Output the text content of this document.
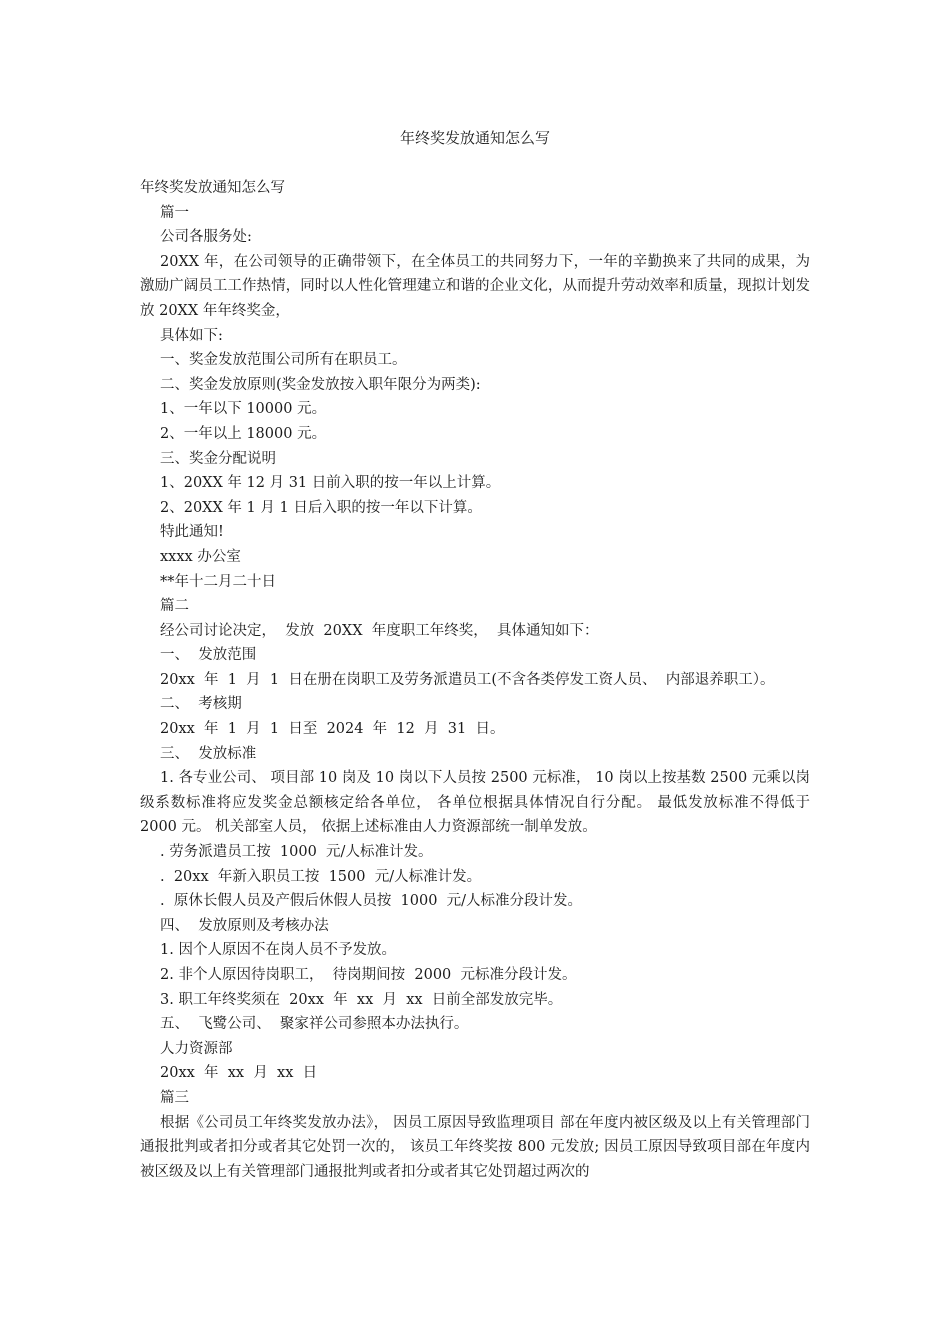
年终奖发放通知怎么写
年终奖发放通知怎么写
篇一
公司各服务处:
20XX 年，在公司领导的正确带领下，在全体员工的共同努力下，一年的辛勤换来了共同的成果，为激励广阔员工工作热情，同时以人性化管理建立和谐的企业文化，从而提升劳动效率和质量，现拟计划发放 20XX 年年终奖金，
具体如下:
一、奖金发放范围公司所有在职员工。
二、奖金发放原则(奖金发放按入职年限分为两类):
1、一年以下 10000 元。
2、一年以上 18000 元。
三、奖金分配说明
1、20XX 年 12 月 31 日前入职的按一年以上计算。
2、20XX 年 1 月 1 日后入职的按一年以下计算。
特此通知!
xxxx 办公室
**年十二月二十日
篇二
经公司讨论决定，  发放  20XX  年度职工年终奖，  具体通知如下：
一、  发放范围
20xx  年  1  月  1  日在册在岗职工及劳务派遣员工(不含各类停发工资人员、  内部退养职工）。
二、  考核期
20xx  年  1  月  1  日至  2024  年  12  月  31  日。
三、  发放标准
1. 各专业公司、 项目部 10 岗及 10 岗以下人员按 2500 元标准， 10 岗以上按基数 2500 元乘以岗级系数标准将应发奖金总额核定给各单位， 各单位根据具体情况自行分配。 最低发放标准不得低于 2000 元。 机关部室人员， 依据上述标准由人力资源部统一制单发放。
. 劳务派遣员工按  1000  元/人标准计发。
.  20xx  年新入职员工按  1500  元/人标准计发。
.  原休长假人员及产假后休假人员按  1000  元/人标准分段计发。
四、  发放原则及考核办法
1. 因个人原因不在岗人员不予发放。
2. 非个人原因待岗职工，  待岗期间按  2000  元标准分段计发。
3. 职工年终奖须在  20xx  年  xx  月  xx  日前全部发放完毕。
五、  飞鹭公司、  聚家祥公司参照本办法执行。
人力资源部
20xx  年  xx  月  xx  日
篇三
根据《公司员工年终奖发放办法》， 因员工原因导致监理项目 部在年度内被区级及以上有关管理部门通报批判或者扣分或者其它处罚一次的， 该员工年终奖按 800 元发放; 因员工原因导致项目部在年度内被区级及以上有关管理部门通报批判或者扣分或者其它处罚超过两次的
